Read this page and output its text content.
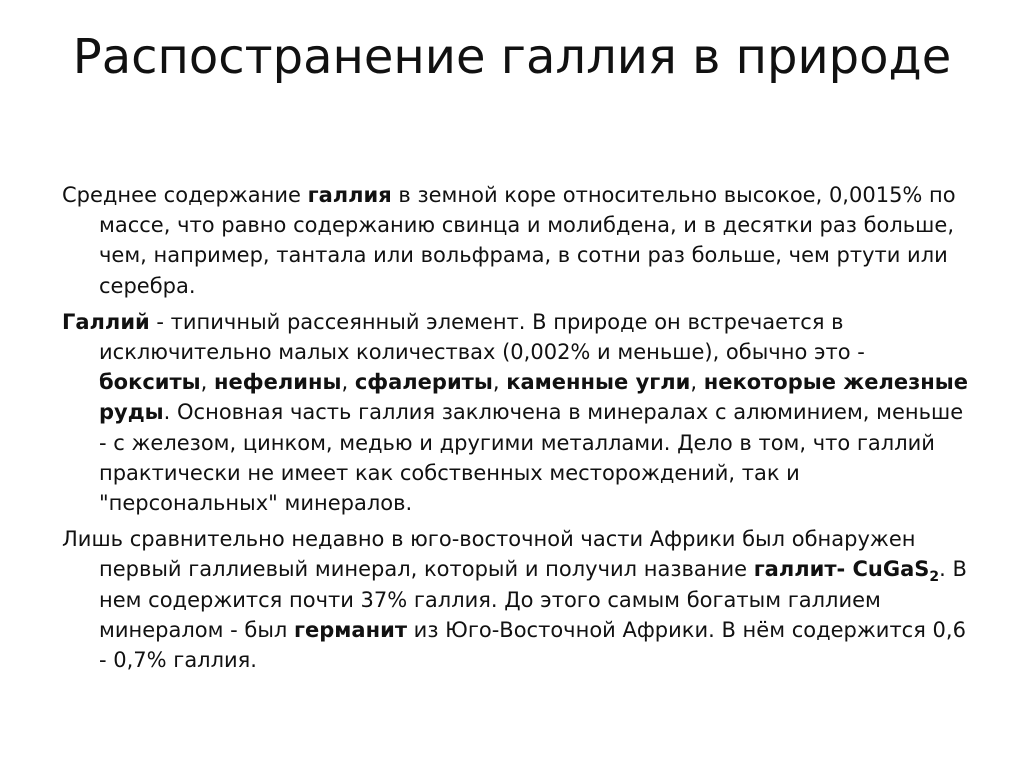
Распостранение галлия в природе

Среднее содержание галлия в земной коре относительно высокое, 0,0015% по массе, что равно содержанию свинца и молибдена, и в десятки раз больше, чем, например, тантала или вольфрама, в сотни раз больше, чем ртути или серебра.

Галлий - типичный рассеянный элемент. В природе он встречается в исключительно малых количествах (0,002% и меньше), обычно это - бокситы, нефелины, сфалериты, каменные угли, некоторые железные руды. Основная часть галлия заключена в минералах с алюминием, меньше - с железом, цинком, медью и другими металлами. Дело в том, что галлий практически не имеет как собственных месторождений, так и "персональных" минералов.

Лишь сравнительно недавно в юго-восточной части Африки был обнаружен первый галлиевый минерал, который и получил название галлит- CuGaS$_2$. В нем содержится почти 37% галлия. До этого самым богатым галлием минералом - был германит из Юго-Восточной Африки. В нём содержится 0,6 - 0,7% галлия.
